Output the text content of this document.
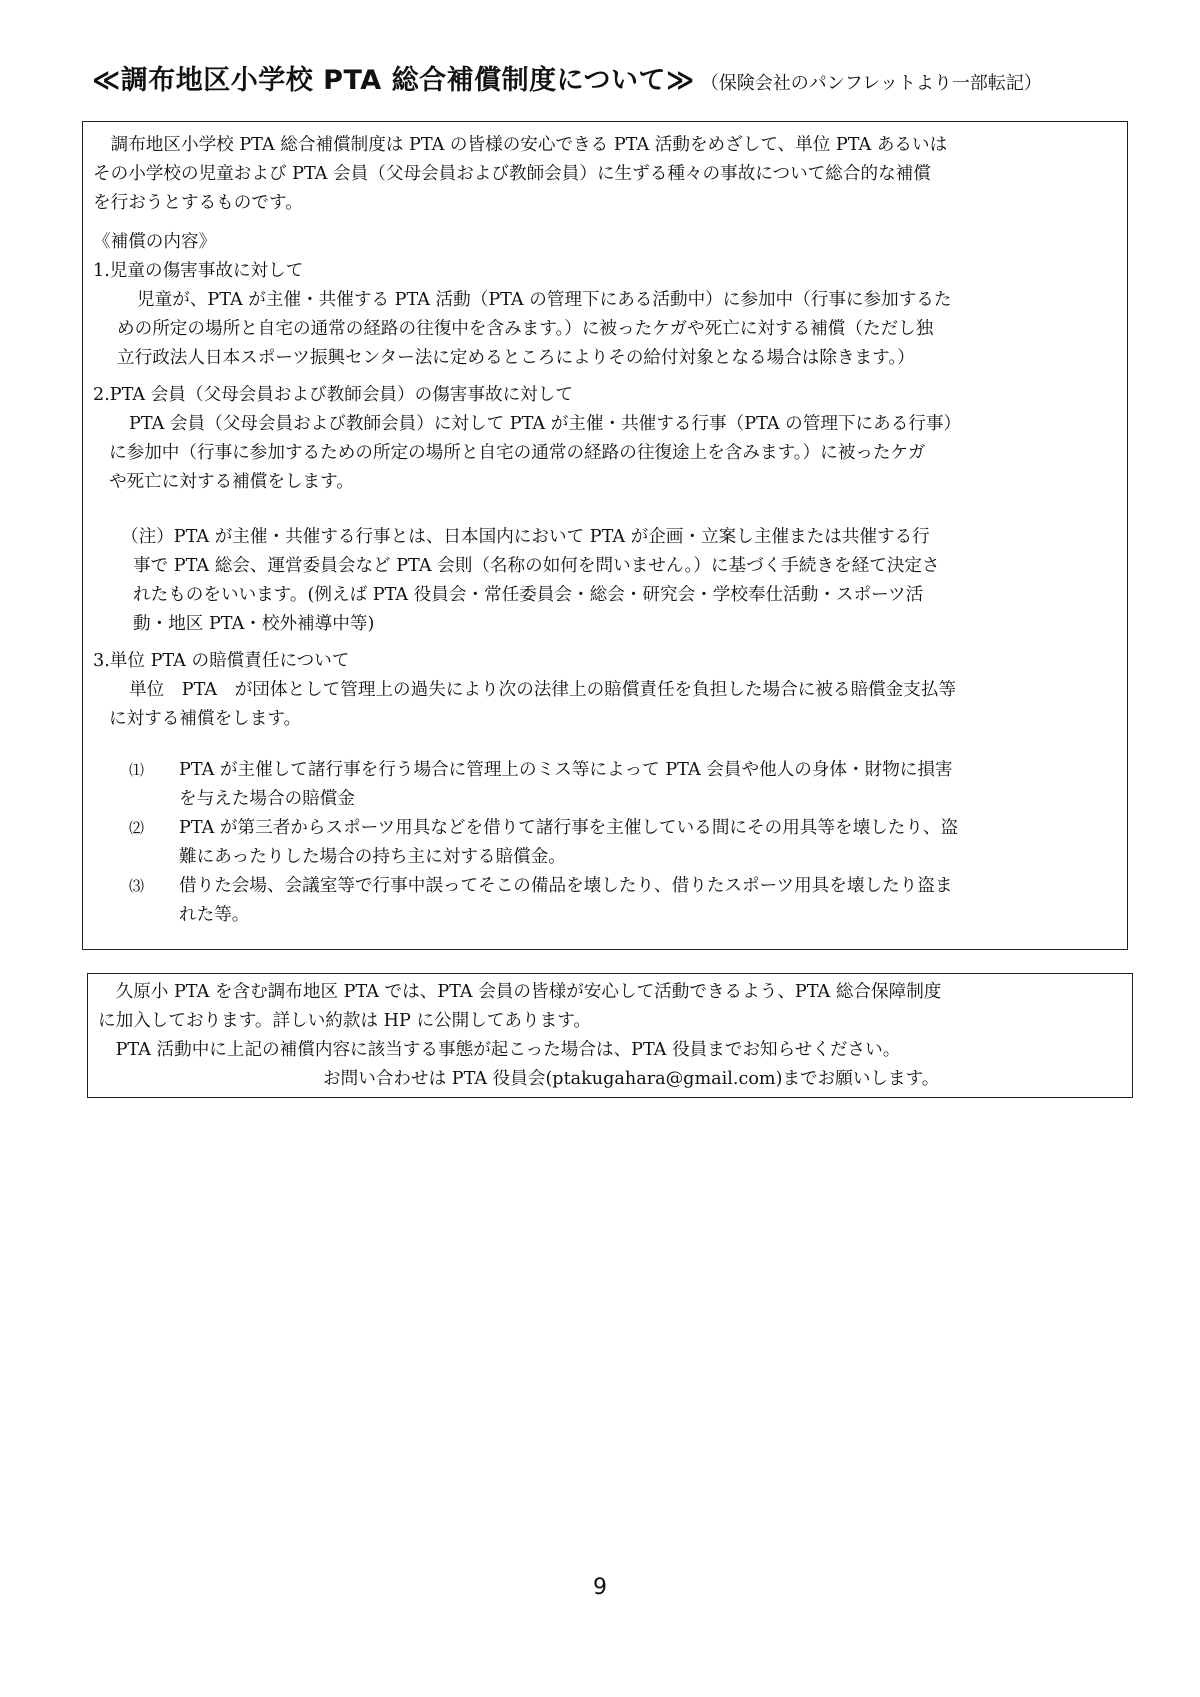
≪調布地区小学校 PTA 総合補償制度について≫ （保険会社のパンフレットより一部転記）
　調布地区小学校 PTA 総合補償制度は PTA の皆様の安心できる PTA 活動をめざして、単位 PTA あるいは
その小学校の児童および PTA 会員（父母会員および教師会員）に生ずる種々の事故について総合的な補償
を行おうとするものです。
《補償の内容》
1.児童の傷害事故に対して
児童が、PTA が主催・共催する PTA 活動（PTA の管理下にある活動中）に参加中（行事に参加するた
めの所定の場所と自宅の通常の経路の往復中を含みます。）に被ったケガや死亡に対する補償（ただし独
立行政法人日本スポーツ振興センター法に定めるところによりその給付対象となる場合は除きます。）
2.PTA 会員（父母会員および教師会員）の傷害事故に対して
PTA 会員（父母会員および教師会員）に対して PTA が主催・共催する行事（PTA の管理下にある行事）
に参加中（行事に参加するための所定の場所と自宅の通常の経路の往復途上を含みます。）に被ったケガ
や死亡に対する補償をします。
（注）PTA が主催・共催する行事とは、日本国内において PTA が企画・立案し主催または共催する行
事で PTA 総会、運営委員会など PTA 会則（名称の如何を問いません。）に基づく手続きを経て決定さ
れたものをいいます。(例えば PTA 役員会・常任委員会・総会・研究会・学校奉仕活動・スポーツ活
動・地区 PTA・校外補導中等)
3.単位 PTA の賠償責任について
単位　PTA　が団体として管理上の過失により次の法律上の賠償責任を負担した場合に被る賠償金支払等
に対する補償をします。
⑴ PTA が主催して諸行事を行う場合に管理上のミス等によって PTA 会員や他人の身体・財物に損害
を与えた場合の賠償金
⑵ PTA が第三者からスポーツ用具などを借りて諸行事を主催している間にその用具等を壊したり、盗
難にあったりした場合の持ち主に対する賠償金。
⑶ 借りた会場、会議室等で行事中誤ってそこの備品を壊したり、借りたスポーツ用具を壊したり盗ま
れた等。
　久原小 PTA を含む調布地区 PTA では、PTA 会員の皆様が安心して活動できるよう、PTA 総合保障制度
に加入しております。詳しい約款は HP に公開してあります。
　PTA 活動中に上記の補償内容に該当する事態が起こった場合は、PTA 役員までお知らせください。
お問い合わせは PTA 役員会(ptakugahara@gmail.com)までお願いします。
9
